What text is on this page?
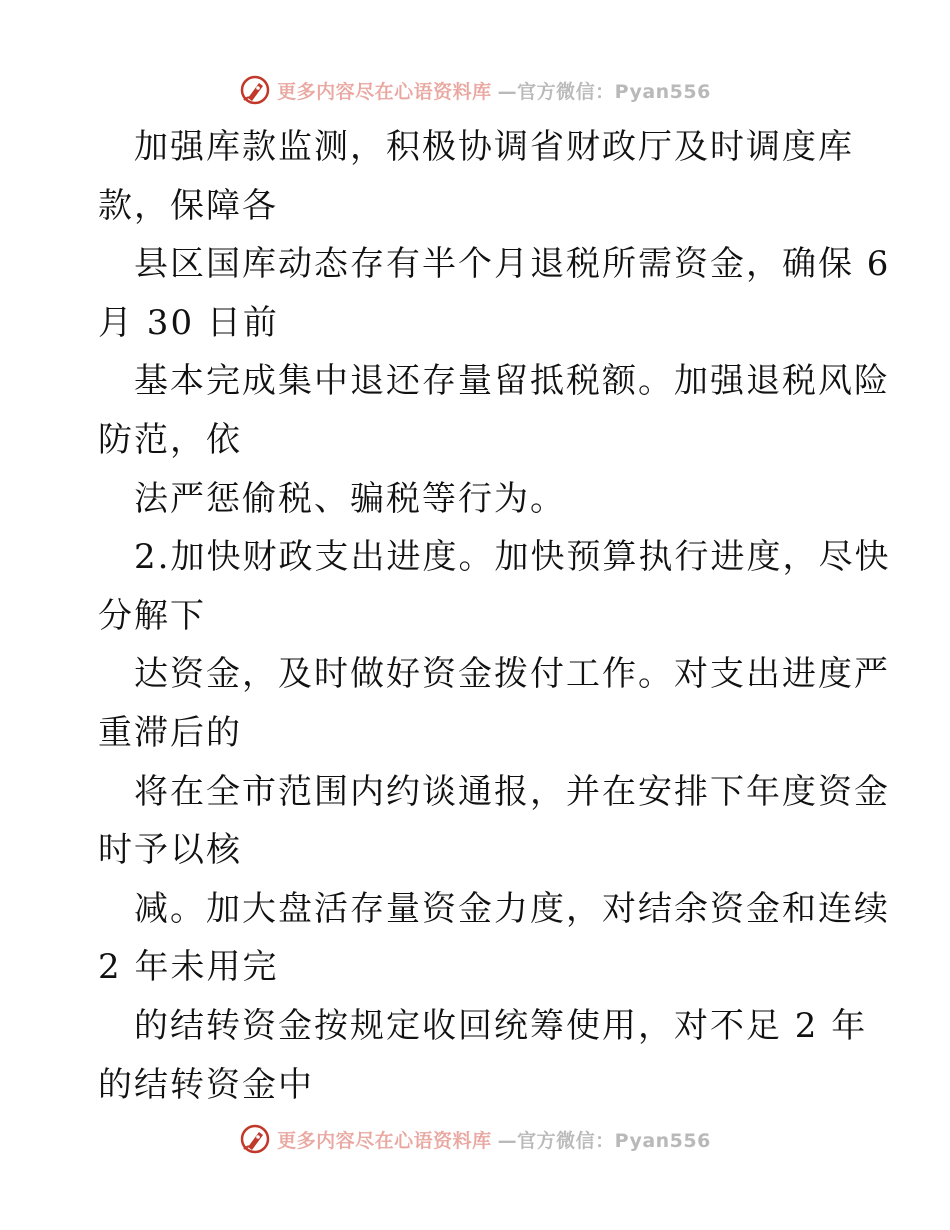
更多内容尽在心语资料库 —官方微信：Pyan556
加强库款监测，积极协调省财政厅及时调度库
款，保障各
县区国库动态存有半个月退税所需资金，确保 6
月 30 日前
基本完成集中退还存量留抵税额。加强退税风险
防范，依
法严惩偷税、骗税等行为。
2.加快财政支出进度。加快预算执行进度，尽快
分解下
达资金，及时做好资金拨付工作。对支出进度严
重滞后的
将在全市范围内约谈通报，并在安排下年度资金
时予以核
减。加大盘活存量资金力度，对结余资金和连续
2 年未用完
的结转资金按规定收回统筹使用，对不足 2 年
的结转资金中
更多内容尽在心语资料库 —官方微信：Pyan556
